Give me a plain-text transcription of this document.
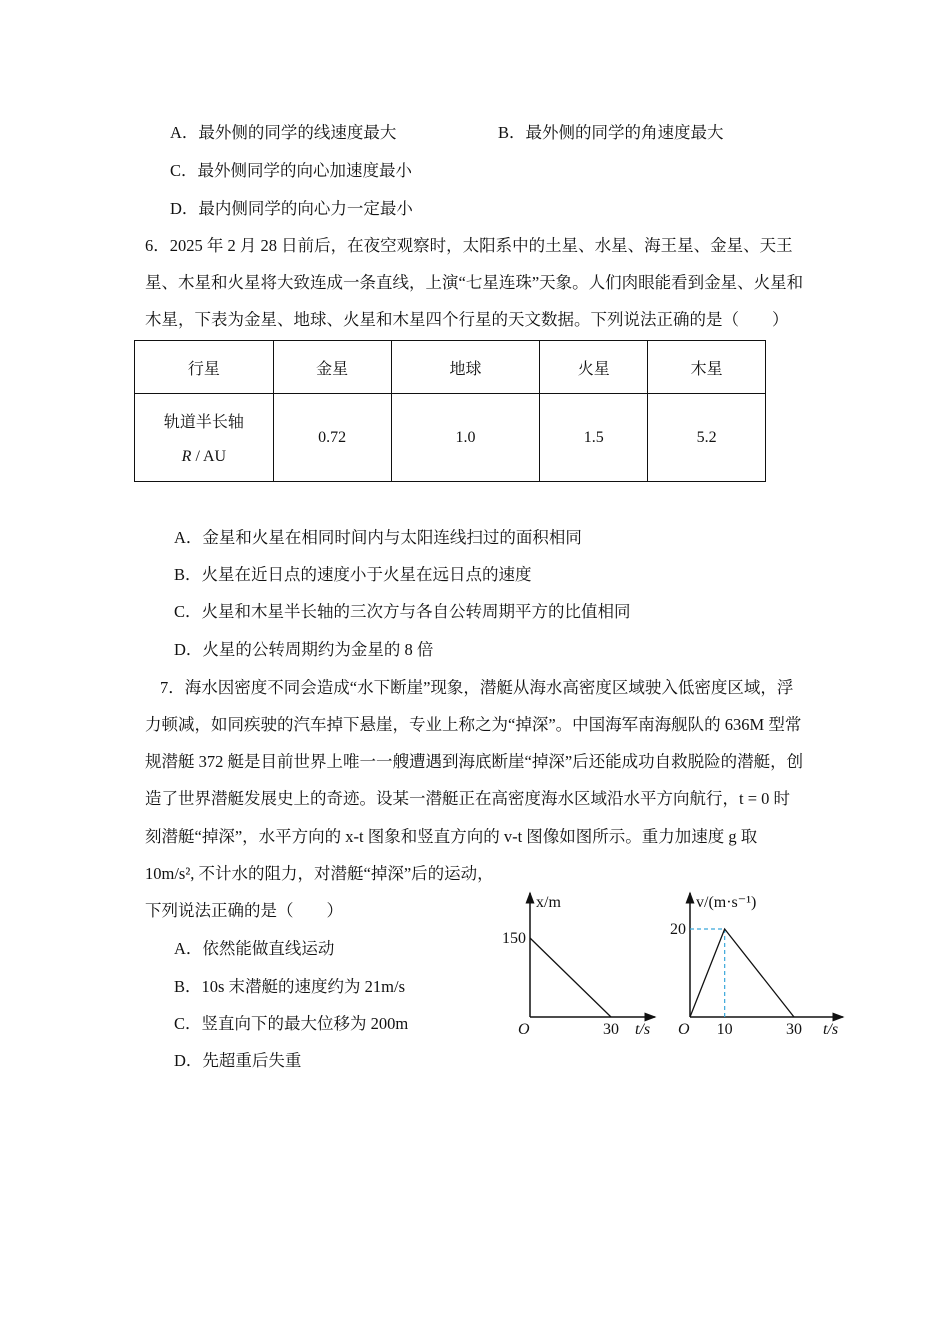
A．最外侧的同学的线速度最大	B．最外侧的同学的角速度最大
C．最外侧同学的向心加速度最小
D．最内侧同学的向心力一定最小
6．2025 年 2 月 28 日前后，在夜空观察时，太阳系中的土星、水星、海王星、金星、天王
星、木星和火星将大致连成一条直线，上演“七星连珠”天象。人们肉眼能看到金星、火星和
木星，下表为金星、地球、火星和木星四个行星的天文数据。下列说法正确的是（　　）
行星	金星	地球	火星	木星

轨道半长轴
R / AU	0.72	1.0	1.5	5.2
A．金星和火星在相同时间内与太阳连线扫过的面积相同
B．火星在近日点的速度小于火星在远日点的速度
C．火星和木星半长轴的三次方与各自公转周期平方的比值相同
D．火星的公转周期约为金星的 8 倍
7．海水因密度不同会造成“水下断崖”现象，潜艇从海水高密度区域驶入低密度区域，浮
力顿减，如同疾驶的汽车掉下悬崖，专业上称之为“掉深”。中国海军南海舰队的 636M 型常
规潜艇 372 艇是目前世界上唯一一艘遭遇到海底断崖“掉深”后还能成功自救脱险的潜艇，创
造了世界潜艇发展史上的奇迹。设某一潜艇正在高密度海水区域沿水平方向航行，t = 0 时
刻潜艇“掉深”，水平方向的 x-t 图象和竖直方向的 v-t 图像如图所示。重力加速度 g 取
10m/s², 不计水的阻力，对潜艇“掉深”后的运动，
下列说法正确的是（　　）
A．依然能做直线运动
B．10s 末潜艇的速度约为 21m/s
C．竖直向下的最大位移为 200m
D．先超重后失重
x/m
t/s
O	30
150
v/(m·s⁻¹)
t/s
O 10	30
20
